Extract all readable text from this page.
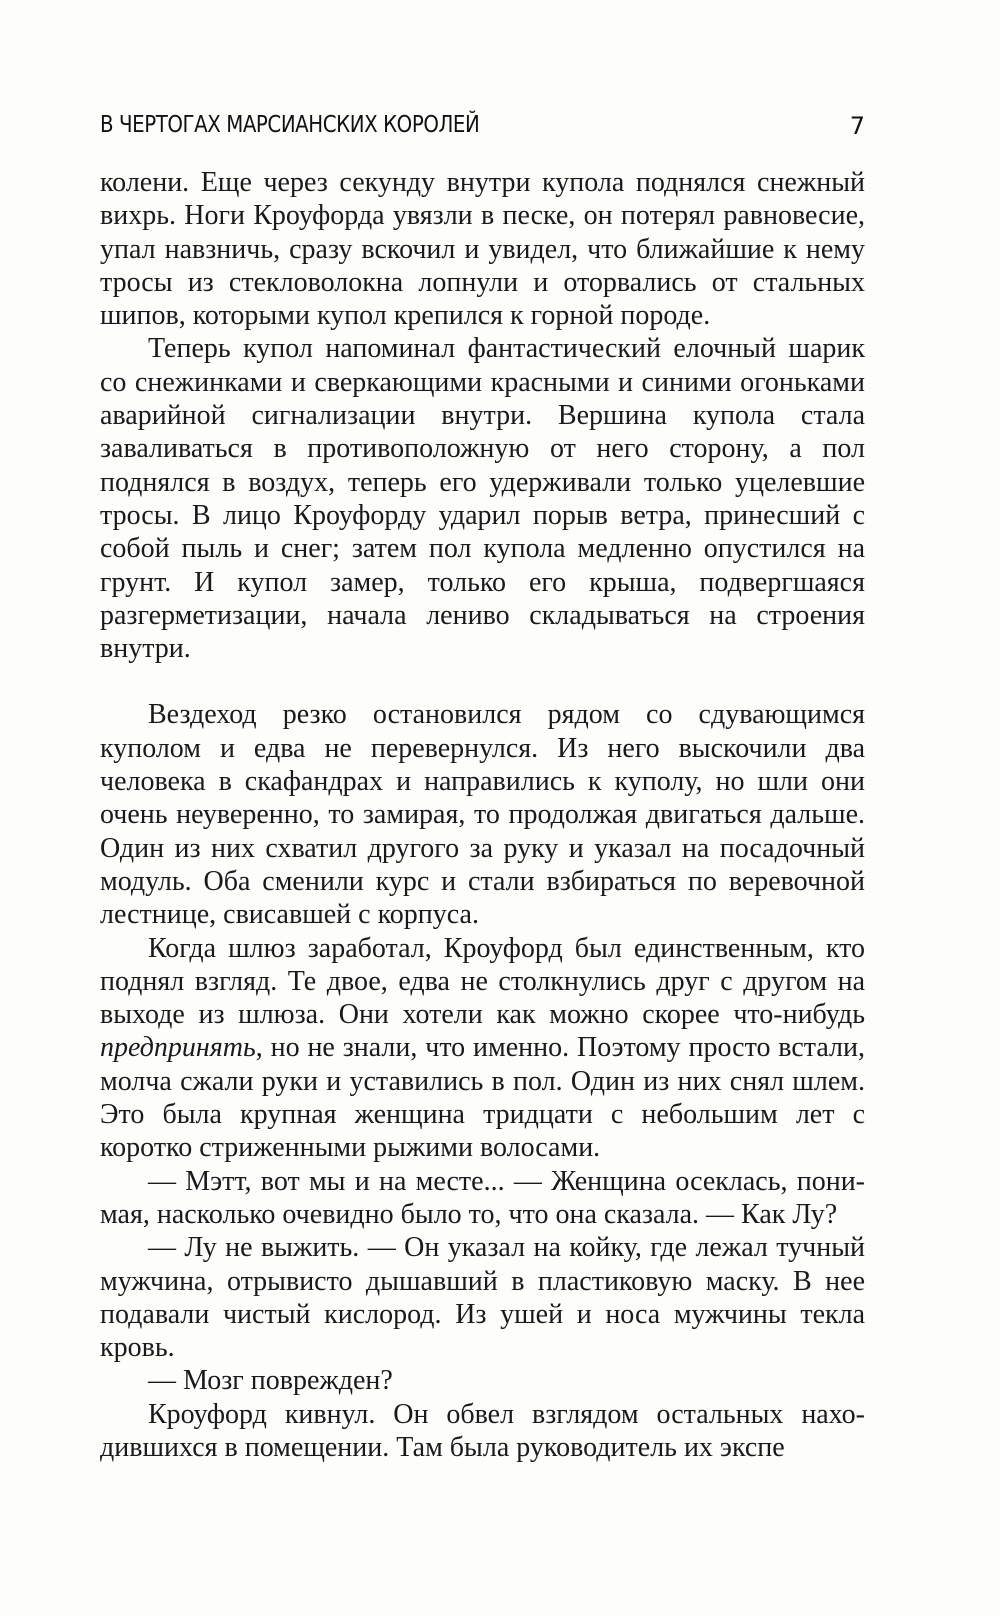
В ЧЕРТОГАХ МАРСИАНСКИХ КОРОЛЕЙ	7

колени. Еще через секунду внутри купола поднялся снежный вихрь. Ноги Кроуфорда увязли в песке, он потерял равновесие, упал навзничь, сразу вскочил и увидел, что ближайшие к нему тросы из стекловолокна лопнули и оторвались от стальных шипов, которыми купол крепился к горной породе.

Теперь купол напоминал фантастический елочный шарик со снежинками и сверкающими красными и синими огоньками аварийной сигнализации внутри. Вершина купола стала заваливаться в противоположную от него сторону, а пол поднялся в воздух, теперь его удерживали только уцелевшие тросы. В лицо Кроуфорду ударил порыв ветра, принесший с собой пыль и снег; затем пол купола медленно опустился на грунт. И купол замер, только его крыша, подвергшаяся разгерметизации, начала лениво складываться на строения внутри.

Вездеход резко остановился рядом со сдувающимся куполом и едва не перевернулся. Из него выскочили два человека в скафандрах и направились к куполу, но шли они очень неуверенно, то замирая, то продолжая двигаться дальше. Один из них схватил другого за руку и указал на посадочный модуль. Оба сменили курс и стали взбираться по веревочной лестнице, свисавшей с корпуса.

Когда шлюз заработал, Кроуфорд был единственным, кто поднял взгляд. Те двое, едва не столкнулись друг с другом на выходе из шлюза. Они хотели как можно скорее что-нибудь предпринять, но не знали, что именно. Поэтому просто встали, молча сжали руки и уставились в пол. Один из них снял шлем. Это была крупная женщина тридцати с небольшим лет с коротко стриженными рыжими волосами.

— Мэтт, вот мы и на месте... — Женщина осеклась, понимая, насколько очевидно было то, что она сказала. — Как Лу?

— Лу не выжить. — Он указал на койку, где лежал тучный мужчина, отрывисто дышавший в пластиковую маску. В нее подавали чистый кислород. Из ушей и носа мужчины текла кровь.

— Мозг поврежден?

Кроуфорд кивнул. Он обвел взглядом остальных находившихся в помещении. Там была руководитель их экспе
